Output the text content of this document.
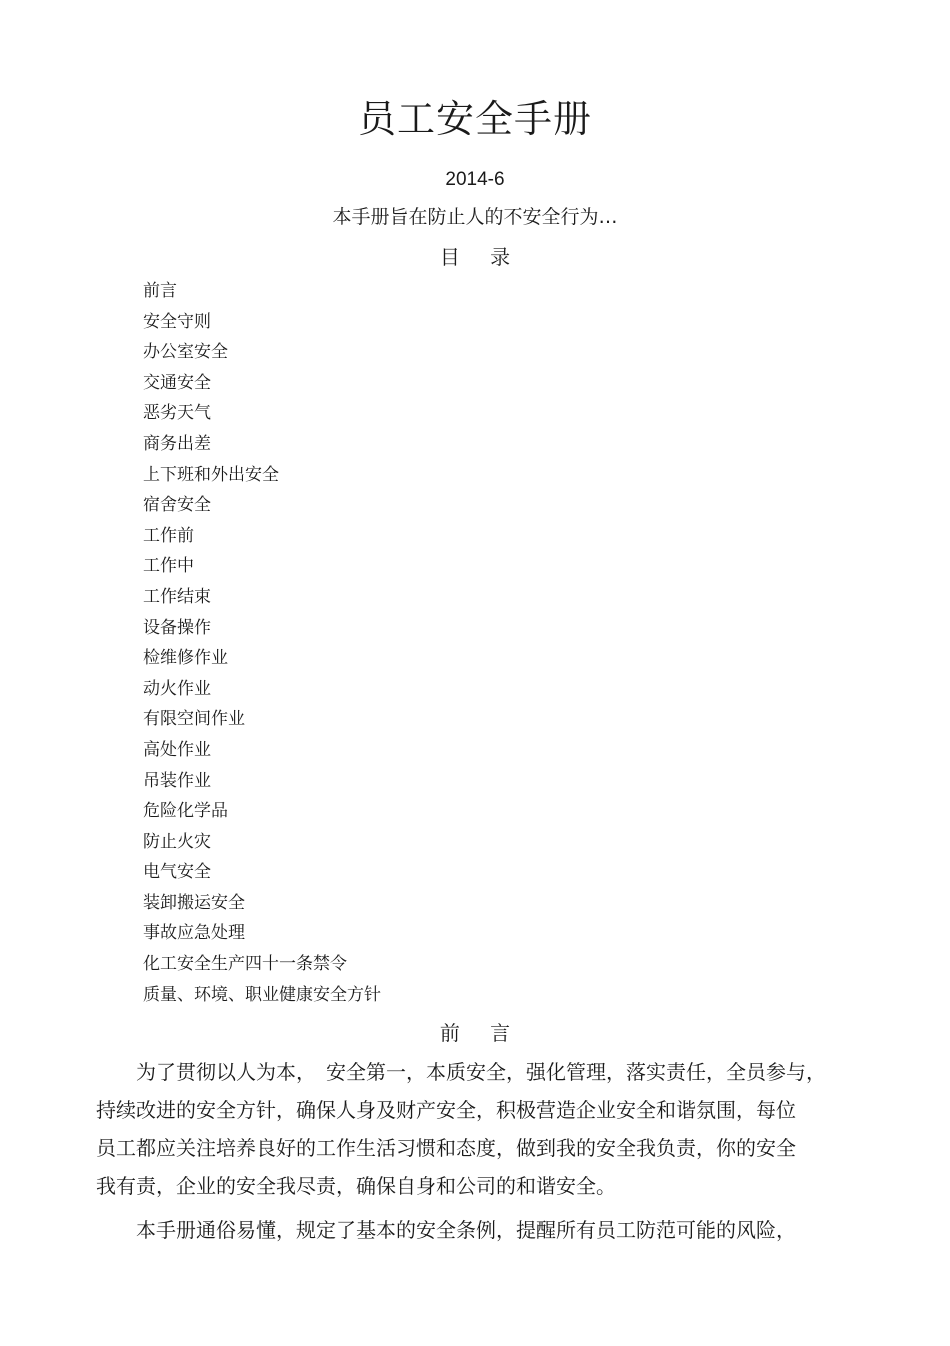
员工安全手册
2014-6
本手册旨在防止人的不安全行为…
目 录
前言
安全守则
办公室安全
交通安全
恶劣天气
商务出差
上下班和外出安全
宿舍安全
工作前
工作中
工作结束
设备操作
检维修作业
动火作业
有限空间作业
高处作业
吊装作业
危险化学品
防止火灾
电气安全
装卸搬运安全
事故应急处理
化工安全生产四十一条禁令
质量、环境、职业健康安全方针
前 言
为了贯彻以人为本，　安全第一，本质安全，强化管理，落实责任，全员参与，
持续改进的安全方针，确保人身及财产安全，积极营造企业安全和谐氛围，每位
员工都应关注培养良好的工作生活习惯和态度，做到我的安全我负责，你的安全
我有责，企业的安全我尽责，确保自身和公司的和谐安全。
本手册通俗易懂，规定了基本的安全条例，提醒所有员工防范可能的风险，
